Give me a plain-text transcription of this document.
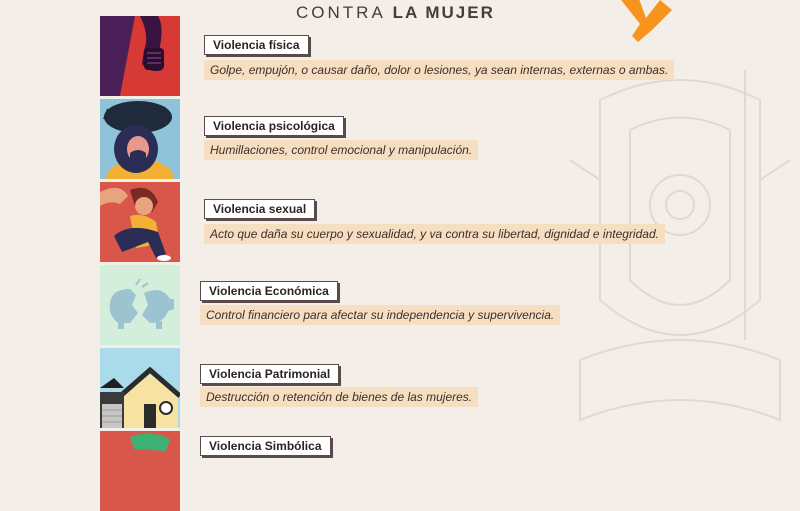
CONTRA LA MUJER
Violencia física
Golpe, empujón, o causar daño, dolor o lesiones, ya sean internas, externas o ambas.
Violencia psicológica
Humillaciones, control emocional y manipulación.
Violencia sexual
Acto que daña su cuerpo y sexualidad, y va contra su libertad, dignidad e integridad.
Violencia Económica
Control financiero para afectar su independencia y supervivencia.
Violencia Patrimonial
Destrucción o retención de bienes de las mujeres.
Violencia Simbólica
